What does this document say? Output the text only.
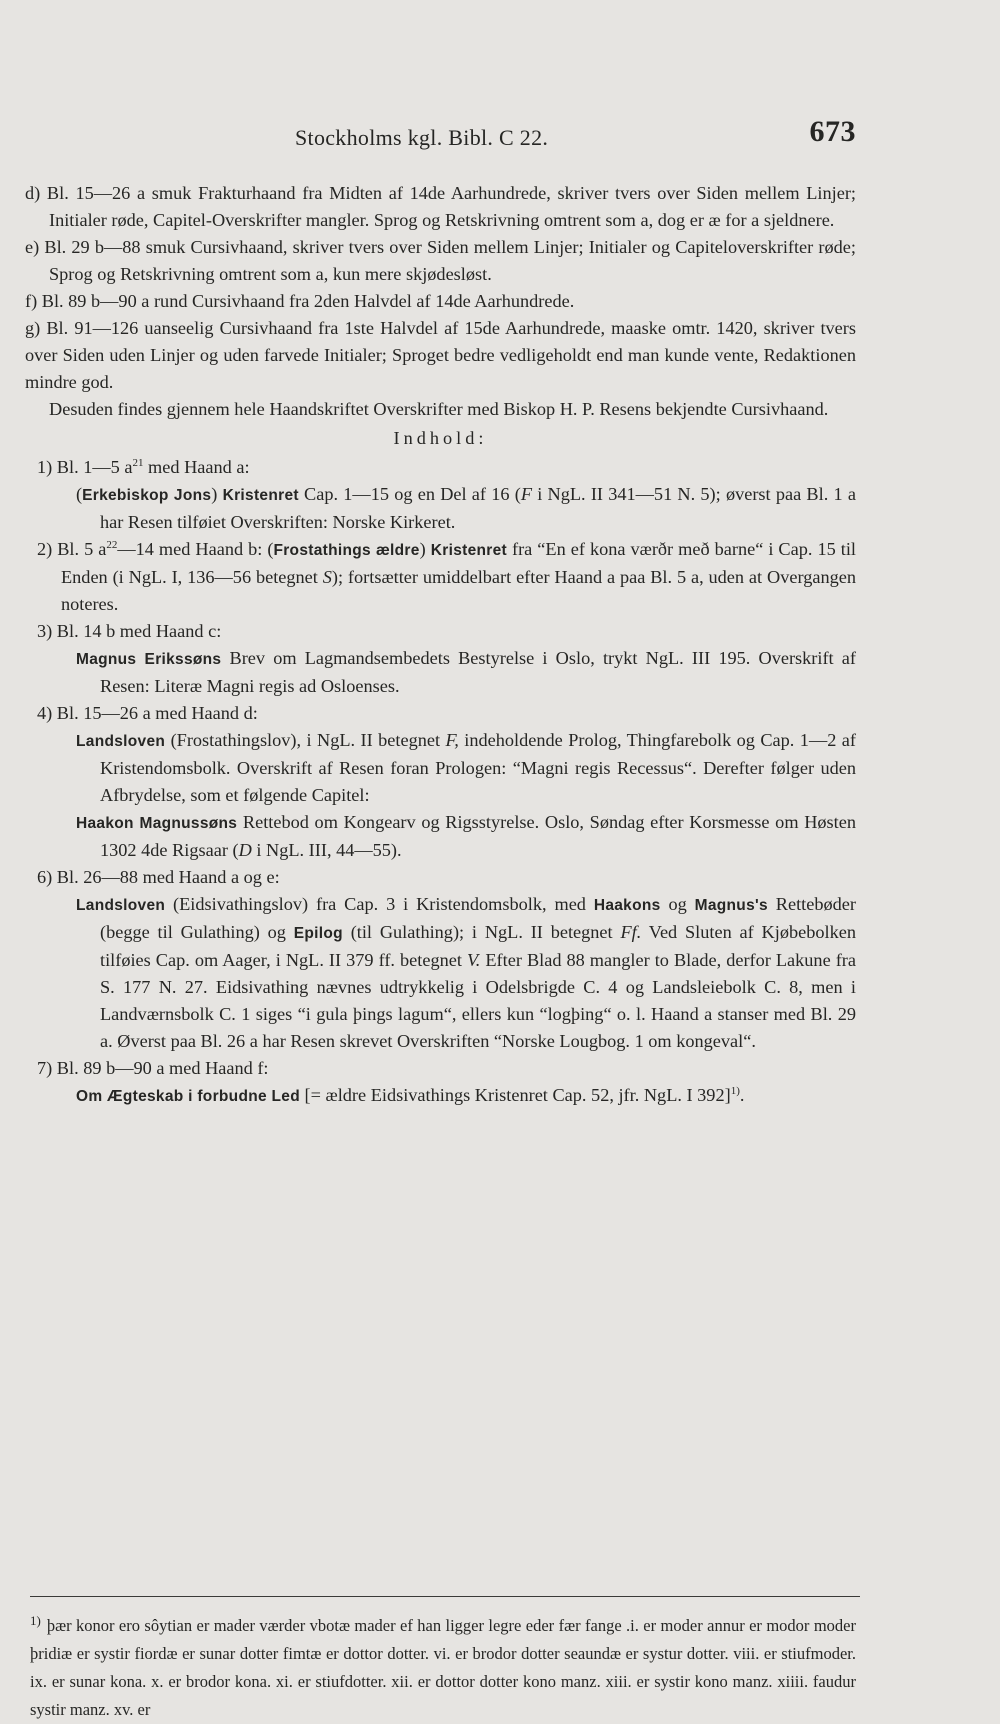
Stockholms kgl. Bibl. C 22.	673

d) Bl. 15—26 a smuk Frakturhaand fra Midten af 14de Aarhundrede, skriver tvers over Siden mellem Linjer; Initialer røde, Capitel-Overskrifter mangler. Sprog og Retskrivning omtrent som a, dog er æ for a sjeldnere.

e) Bl. 29 b—88 smuk Cursivhaand, skriver tvers over Siden mellem Linjer; Initialer og Capiteloverskrifter røde; Sprog og Retskrivning omtrent som a, kun mere skjødesløst.

f) Bl. 89 b—90 a rund Cursivhaand fra 2den Halvdel af 14de Aarhundrede.

g) Bl. 91—126 uanseelig Cursivhaand fra 1ste Halvdel af 15de Aarhundrede, maaske omtr. 1420, skriver tvers over Siden uden Linjer og uden farvede Initialer; Sproget bedre vedligeholdt end man kunde vente, Redaktionen mindre god.

Desuden findes gjennem hele Haandskriftet Overskrifter med Biskop H. P. Resens bekjendte Cursivhaand.

Indhold:

1) Bl. 1—5 $a^{21}$ med Haand a:

(Erkebiskop Jons) Kristenret Cap. 1—15 og en Del af 16 (F i NgL. II 341—51 N. 5); øverst paa Bl. 1 a har Resen tilføiet Overskriften: Norske Kirkeret.

2) Bl. 5 $a^{22}—14$ med Haand b: (Frostathings ældre) Kristenret fra “En ef kona værðr með barne“ i Cap. 15 til Enden (i NgL. I, 136—56 betegnet S); fortsætter umiddelbart efter Haand a paa Bl. 5 a, uden at Overgangen noteres.

3) Bl. 14 b med Haand c:

Magnus Erikssøns Brev om Lagmandsembedets Bestyrelse i Oslo, trykt NgL. III 195. Overskrift af Resen: Literæ Magni regis ad Osloenses.

4) Bl. 15—26 a med Haand d:

Landsloven (Frostathingslov), i NgL. II betegnet F, indeholdende Prolog, Thingfarebolk og Cap. 1—2 af Kristendomsbolk. Overskrift af Resen foran Prologen: “Magni regis Recessus“. Derefter følger uden Afbrydelse, som et følgende Capitel:

Haakon Magnussøns Rettebod om Kongearv og Rigsstyrelse. Oslo, Søndag efter Korsmesse om Høsten 1302 4de Rigsaar (D i NgL. III, 44—55).

6) Bl. 26—88 med Haand a og e:

Landsloven (Eidsivathingslov) fra Cap. 3 i Kristendomsbolk, med Haakons og Magnus's Rettebøder (begge til Gulathing) og Epilog (til Gulathing); i NgL. II betegnet Ff. Ved Sluten af Kjøbebolken tilføies Cap. om Aager, i NgL. II 379 ff. betegnet V. Efter Blad 88 mangler to Blade, derfor Lakune fra S. 177 N. 27. Eidsivathing nævnes udtrykkelig i Odelsbrigde C. 4 og Landsleiebolk C. 8, men i Landværnsbolk C. 1 siges “i gula þings lagum“, ellers kun “logþing“ o. l. Haand a stanser med Bl. 29 a. Øverst paa Bl. 26 a har Resen skrevet Overskriften “Norske Lougbog. 1 om kongeval“.

7) Bl. 89 b—90 a med Haand f:

Om Ægteskab i forbudne Led [= ældre Eidsivathings Kristenret Cap. 52, jfr. NgL. I 392]$^{1)}$.

$^{1)}$ þær konor ero sôytian er mader værder vbotæ mader ef han ligger legre eder fær fange .i. er moder annur er modor moder þridiæ er systir fiordæ er sunar dotter fimtæ er dottor dotter. vi. er brodor dotter seaundæ er systur dotter. viii. er stiufmoder. ix. er sunar kona. x. er brodor kona. xi. er stiufdotter. xii. er dottor dotter kono manz. xiii. er systir kono manz. xiiii. faudur systir manz. xv. er
